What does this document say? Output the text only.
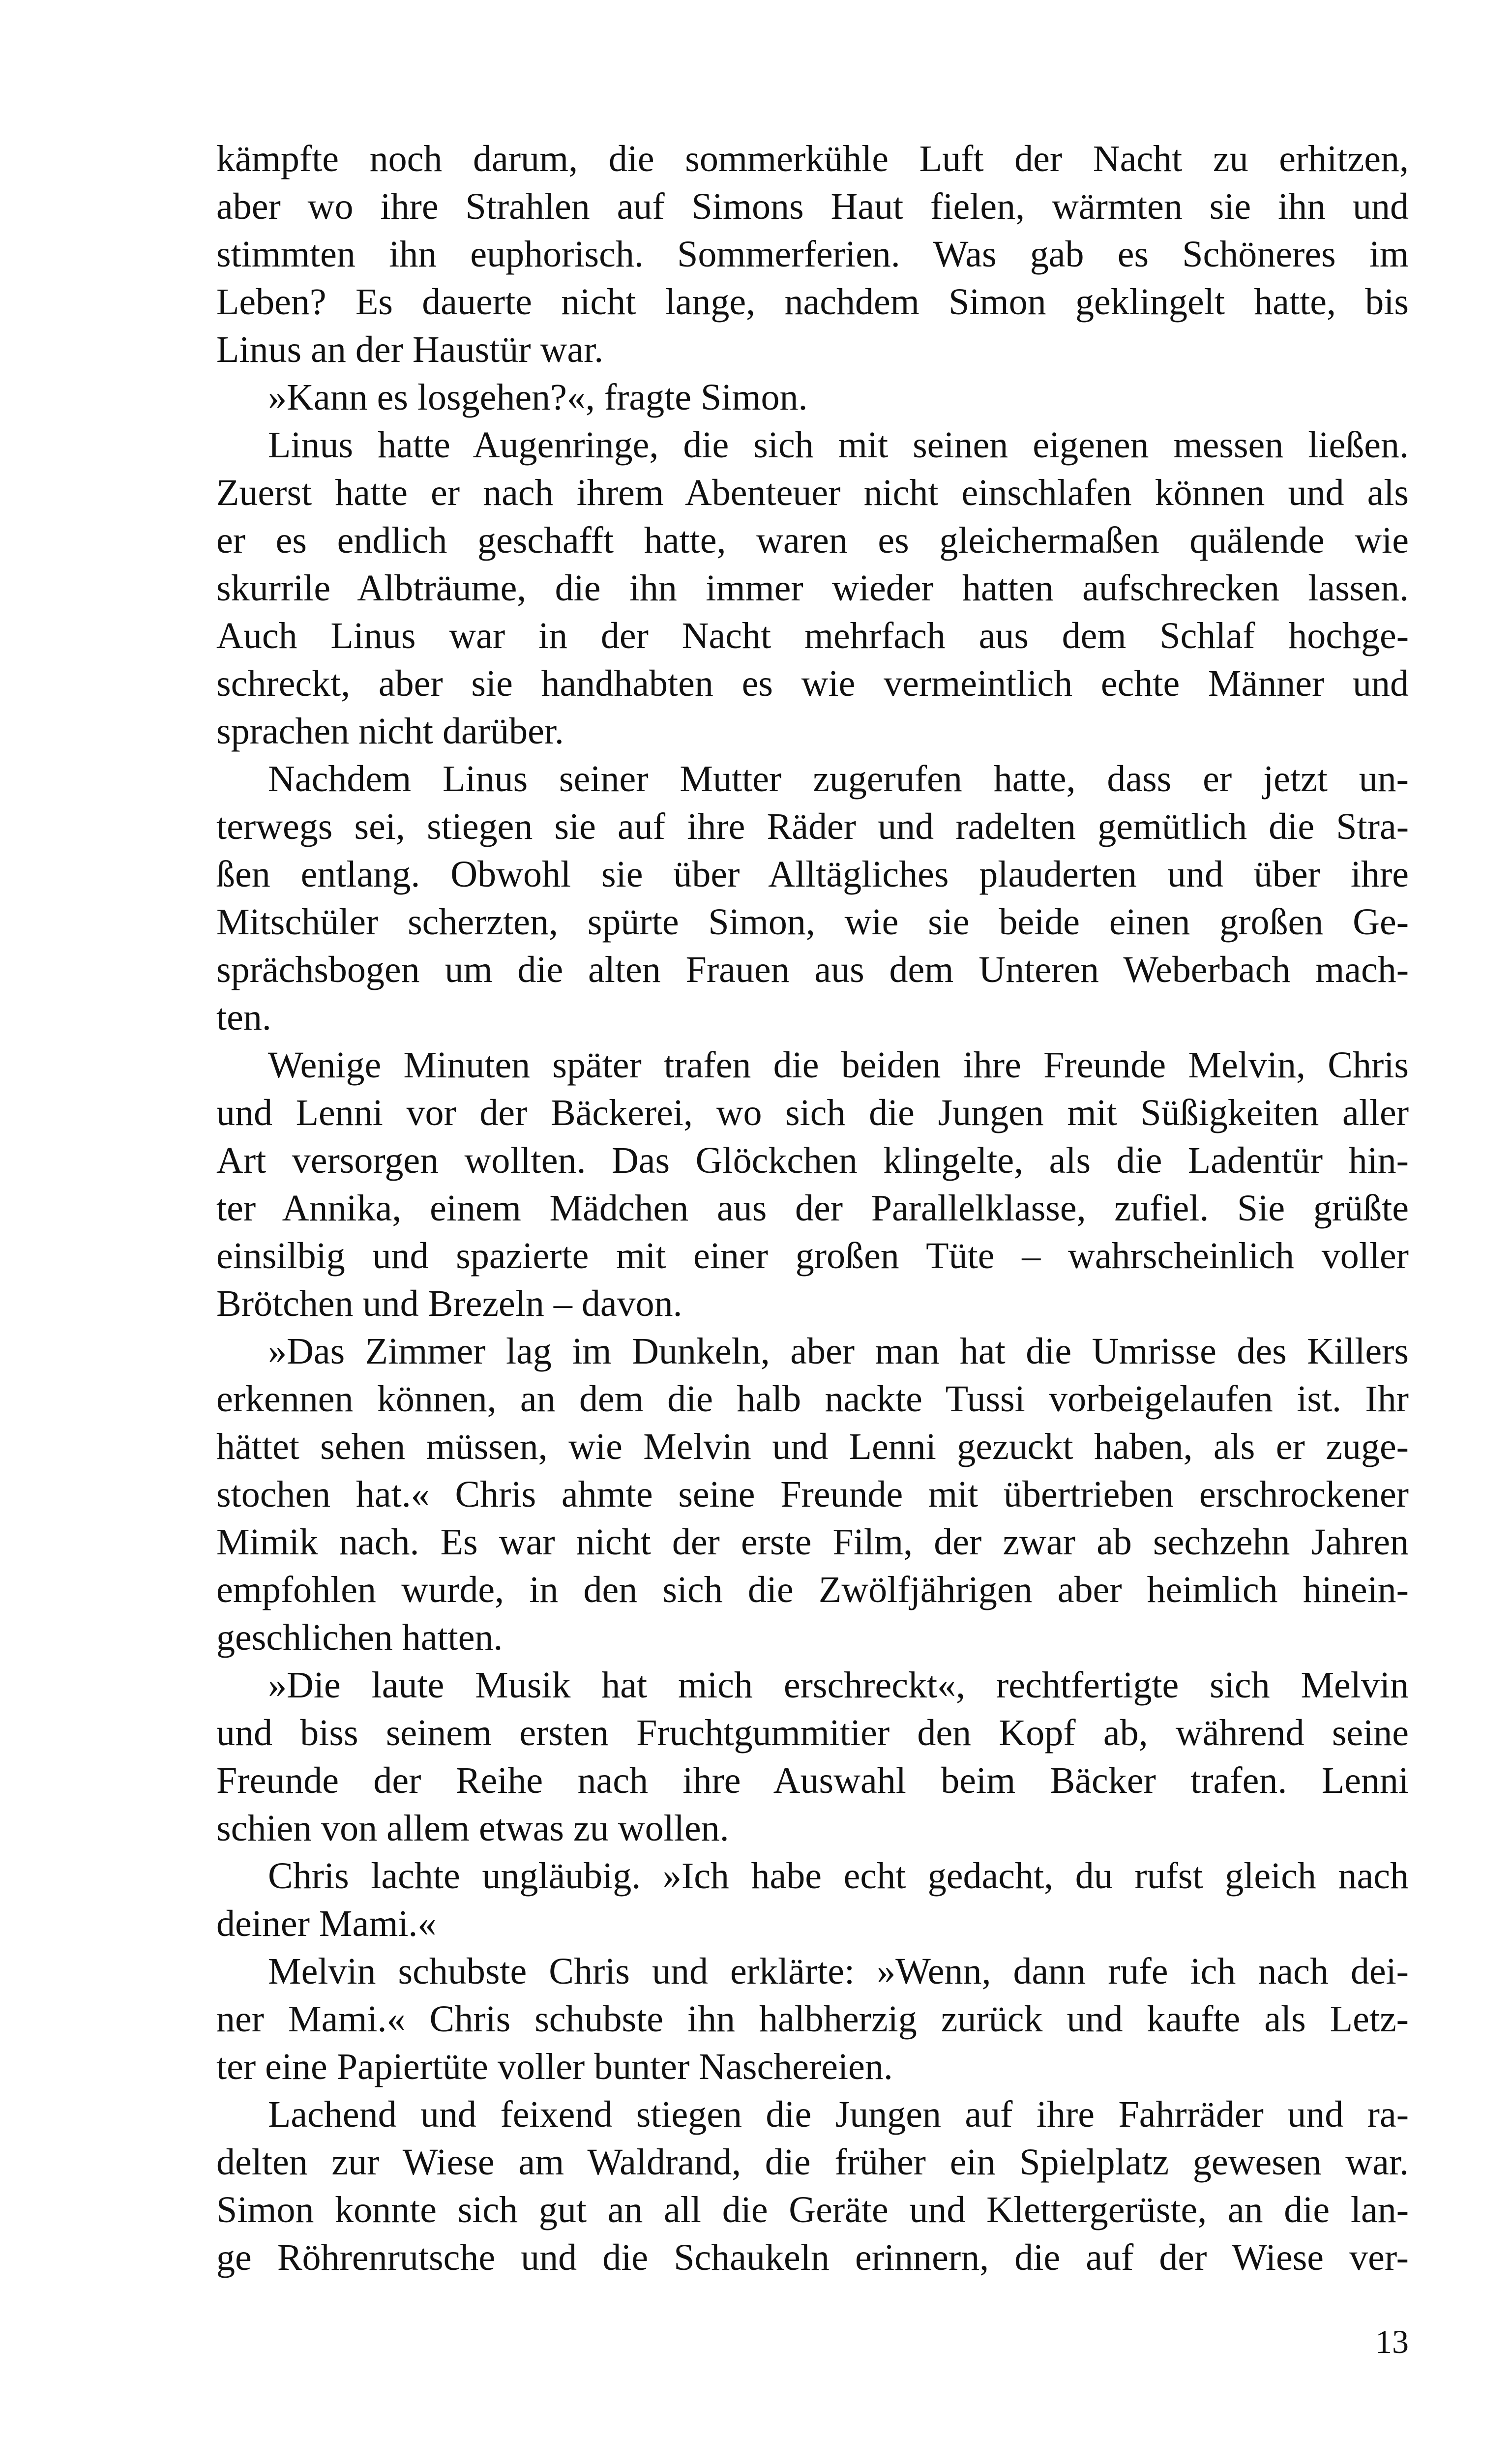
kämpfte noch darum, die sommerkühle Luft der Nacht zu erhitzen,
aber wo ihre Strahlen auf Simons Haut fielen, wärmten sie ihn und
stimmten ihn euphorisch. Sommerferien. Was gab es Schöneres im
Leben? Es dauerte nicht lange, nachdem Simon geklingelt hatte, bis
Linus an der Haustür war.
»Kann es losgehen?«, fragte Simon.
Linus hatte Augenringe, die sich mit seinen eigenen messen ließen.
Zuerst hatte er nach ihrem Abenteuer nicht einschlafen können und als
er es endlich geschafft hatte, waren es gleichermaßen quälende wie
skurrile Albträume, die ihn immer wieder hatten aufschrecken lassen.
Auch Linus war in der Nacht mehrfach aus dem Schlaf hochge-
schreckt, aber sie handhabten es wie vermeintlich echte Männer und
sprachen nicht darüber.
Nachdem Linus seiner Mutter zugerufen hatte, dass er jetzt un-
terwegs sei, stiegen sie auf ihre Räder und radelten gemütlich die Stra-
ßen entlang. Obwohl sie über Alltägliches plauderten und über ihre
Mitschüler scherzten, spürte Simon, wie sie beide einen großen Ge-
sprächsbogen um die alten Frauen aus dem Unteren Weberbach mach-
ten.
Wenige Minuten später trafen die beiden ihre Freunde Melvin, Chris
und Lenni vor der Bäckerei, wo sich die Jungen mit Süßigkeiten aller
Art versorgen wollten. Das Glöckchen klingelte, als die Ladentür hin-
ter Annika, einem Mädchen aus der Parallelklasse, zufiel. Sie grüßte
einsilbig und spazierte mit einer großen Tüte – wahrscheinlich voller
Brötchen und Brezeln – davon.
»Das Zimmer lag im Dunkeln, aber man hat die Umrisse des Killers
erkennen können, an dem die halb nackte Tussi vorbeigelaufen ist. Ihr
hättet sehen müssen, wie Melvin und Lenni gezuckt haben, als er zuge-
stochen hat.« Chris ahmte seine Freunde mit übertrieben erschrockener
Mimik nach. Es war nicht der erste Film, der zwar ab sechzehn Jahren
empfohlen wurde, in den sich die Zwölfjährigen aber heimlich hinein-
geschlichen hatten.
»Die laute Musik hat mich erschreckt«, rechtfertigte sich Melvin
und biss seinem ersten Fruchtgummitier den Kopf ab, während seine
Freunde der Reihe nach ihre Auswahl beim Bäcker trafen. Lenni
schien von allem etwas zu wollen.
Chris lachte ungläubig. »Ich habe echt gedacht, du rufst gleich nach
deiner Mami.«
Melvin schubste Chris und erklärte: »Wenn, dann rufe ich nach dei-
ner Mami.« Chris schubste ihn halbherzig zurück und kaufte als Letz-
ter eine Papiertüte voller bunter Naschereien.
Lachend und feixend stiegen die Jungen auf ihre Fahrräder und ra-
delten zur Wiese am Waldrand, die früher ein Spielplatz gewesen war.
Simon konnte sich gut an all die Geräte und Klettergerüste, an die lan-
ge Röhrenrutsche und die Schaukeln erinnern, die auf der Wiese ver-
13
